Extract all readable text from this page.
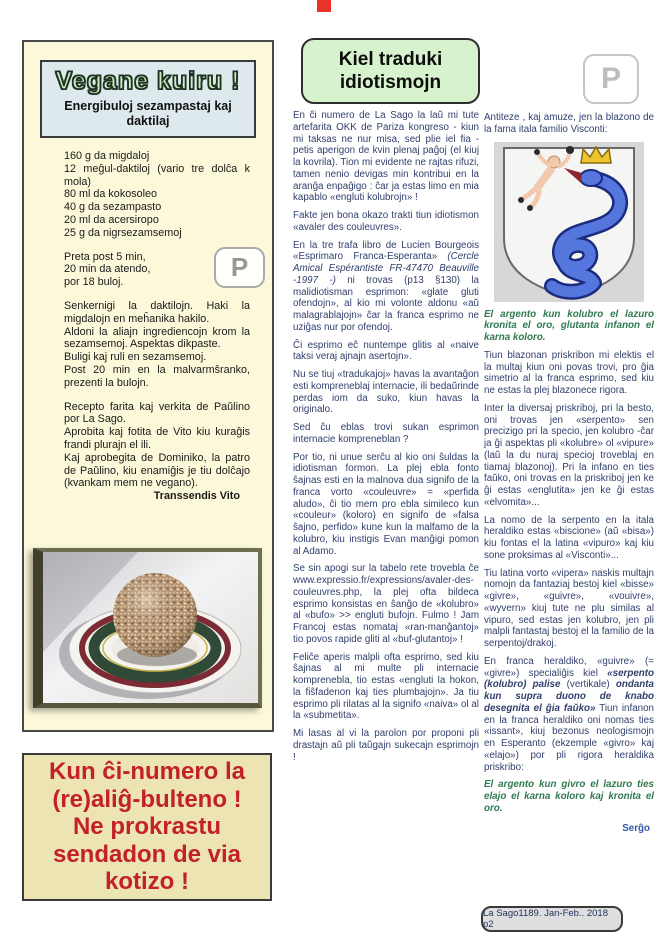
Vegane kuiru !
Energibuloj sezampastaj kaj daktilaj

160 g da migdaloj

12 meĝul-daktiloj (vario tre dolĉa k mola)

80 ml da kokosoleo

40 g da sezampasto

20 ml da acersiropo

25 g da nigrsezamsemoj

Preta post 5 min,

20 min da atendo,

por 18 buloj.

Senkernigi la daktilojn. Haki la migdalojn en meĥanika hakilo.

Aldoni la aliajn ingrediencojn krom la sezamsemoj. Aspektas dikpaste.

Buligi kaj ruli en sezamsemoj.

Post 20 min en la malvarmŝranko, prezenti la bulojn.

Recepto farita kaj verkita de Paŭlino por La Sago.

Aprobita kaj fotita de Vito kiu kuraĝis frandi plurajn el ili.

Kaj aprobegita de Dominiko, la patro de Paŭlino, kiu enamiĝis je tiu dolĉajo (kvankam mem ne vegano).

Transsendis Vito

Kun ĉi-numero la
(re)aliĝ-bulteno !
Ne prokrastu
sendadon de via
kotizo !
Kiel traduki idiotismojn

En ĉi numero de La Sago la laŭ mi tute artefarita OKK de Pariza kongreso - kiun mi taksas ne nur misa, sed plie iel fia - petis aperigon de kvin plenaj paĝoj (el kiuj la kovrila). Tion mi evidente ne rajtas rifuzi, tamen nenio devigas min kontribui en la aranĝa enpaĝigo : ĉar ja estas limo en mia kapablo «engluti kolubrojn» !

Fakte jen bona okazo trakti tiun idiotismon «avaler des couleuvres».

En la tre trafa libro de Lucien Bourgeois «Esprimaro Franca-Esperanta» (Cercle Amical Espérantiste FR-47470 Beauville -1997 -) ni trovas (p13 §130) la malidiotisman esprimon: «glate gluti ofendojn», al kio mi volonte aldonu «aŭ malagrablajojn» ĉar la franca esprimo ne uziĝas nur por ofendoj.

Ĉi esprimo eĉ nuntempe glitis al «naive taksi veraj ajnajn asertojn».

Nu se tiuj «tradukajoj» havas la avantaĝon esti kompreneblaj internacie, ili bedaŭrinde perdas iom da suko, kiun havas la originalo.

Sed ĉu eblas trovi sukan esprimon internacie kompreneblan ?

Por tio, ni unue serĉu al kio oni ŝuldas la idiotisman formon. La plej ebla fonto ŝajnas esti en la malnova dua signifo de la franca vorto «couleuvre» = «perfida aludo», ĉi tio mem pro ebla simileco kun «couleur» (koloro) en signifo de «falsa ŝajno, perfido» kune kun la malfamo de la kolubro, kiu instigis Evan manĝigi pomon al Adamo.

Se sin apogi sur la tabelo rete trovebla ĉe www.expressio.fr/expressions/avaler-des-couleuvres.php, la plej ofta bildeca esprimo konsistas en ŝanĝo de «kolubro» al «bufo» >> engluti bufojn. Fulmo ! Jam Francoj estas nomataj «ran-manĝantoj» tio povos rapide gliti al «buf-glutantoj» !

Feliĉe aperis malpli ofta esprimo, sed kiu ŝajnas al mi multe pli internacie komprenebla, tio estas «engluti la hokon, la fiŝfadenon kaj ties plumbajojn». Ja tiu esprimo pli rilatas al la signifo «naiva» ol al la «submetita».

Mi lasas al vi la parolon por proponi pli drastajn aŭ pli taŭgajn sukecajn esprimojn !

Antiteze , kaj amuze, jen la blazono de la fama itala familio Visconti:

El argento kun kolubro el lazuro kronita el oro, glutanta infanon el karna koloro.

Tiun blazonan priskribon mi elektis el la multaj kiun oni povas trovi, pro ĝia simetrio al la franca esprimo, sed kiu ne estas la plej blazonece rigora.

Inter la diversaj priskriboj, pri la besto, oni trovas jen «serpento» sen precizigo pri la specio, jen kolubro -ĉar ja ĝi aspektas pli «kolubre» ol «vipure» (laŭ la du nuraj specioj troveblaj en tiamaj blazonoj). Pri la infano en ties faŭko, oni trovas en la priskriboj jen ke ĝi estas «englutita» jen ke ĝi estas «elvomita»...

La nomo de la serpento en la itala heraldiko estas «biscione» (aŭ «bisa») kiu fontas el la latina «vipuro» kaj kiu sone proksimas al «Visconti»...

Tiu latina vorto «vipera» naskis multajn nomojn da fantaziaj bestoj kiel «bisse» «givre», «guivre», «vouivre», «wyvern» kiuj tute ne plu similas al vipuro, sed estas jen kolubro, jen pli malpli fantastaj bestoj el la familio de la serpentoj/drakoj.

En franca heraldiko, «guivre» (= «givre») specialiĝis kiel «serpento (kolubro) palise (vertikale) ondanta kun supra duono de knabo desegnita el ĝia faŭko» Tiun infanon en la franca heraldiko oni nomas ties «issant», kiuj bezonus neologismojn en Esperanto (ekzemple «givro» kaj «elajo») por pli rigora heraldika priskribo:

El argento kun givro el lazuro ties elajo el karna koloro kaj kronita el oro.

Serĝo

P
P
La Sago1189. Jan-Feb.. 2018 p2
